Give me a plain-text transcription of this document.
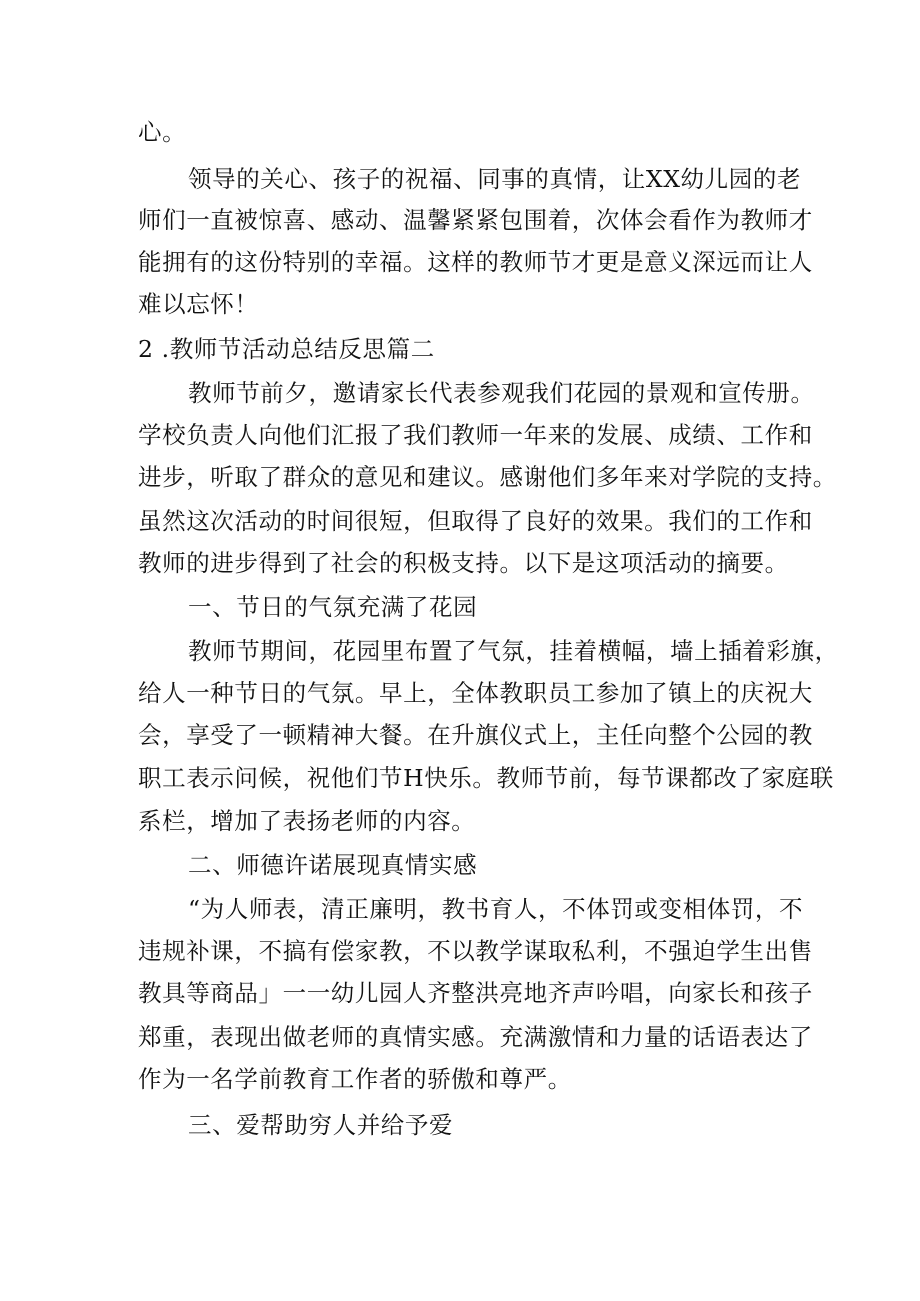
心。
领导的关心、孩子的祝福、同事的真情，让XX幼儿园的老
师们一直被惊喜、感动、温馨紧紧包围着，次体会看作为教师才
能拥有的这份特别的幸福。这样的教师节才更是意义深远而让人
难以忘怀！
2 .教师节活动总结反思篇二
教师节前夕，邀请家长代表参观我们花园的景观和宣传册。
学校负责人向他们汇报了我们教师一年来的发展、成绩、工作和
进步，听取了群众的意见和建议。感谢他们多年来对学院的支持。
虽然这次活动的时间很短，但取得了良好的效果。我们的工作和
教师的进步得到了社会的积极支持。以下是这项活动的摘要。
一、节日的气氛充满了花园
教师节期间，花园里布置了气氛，挂着横幅，墙上插着彩旗，
给人一种节日的气氛。早上，全体教职员工参加了镇上的庆祝大
会，享受了一顿精神大餐。在升旗仪式上，主任向整个公园的教
职工表示问候，祝他们节H快乐。教师节前，每节课都改了家庭联
系栏，增加了表扬老师的内容。
二、师德许诺展现真情实感
“为人师表，清正廉明，教书育人，不体罚或变相体罚，不
违规补课，不搞有偿家教，不以教学谋取私利，不强迫学生出售
教具等商品」一一幼儿园人齐整洪亮地齐声吟唱，向家长和孩子
郑重，表现出做老师的真情实感。充满激情和力量的话语表达了
作为一名学前教育工作者的骄傲和尊严。
三、爱帮助穷人并给予爱
